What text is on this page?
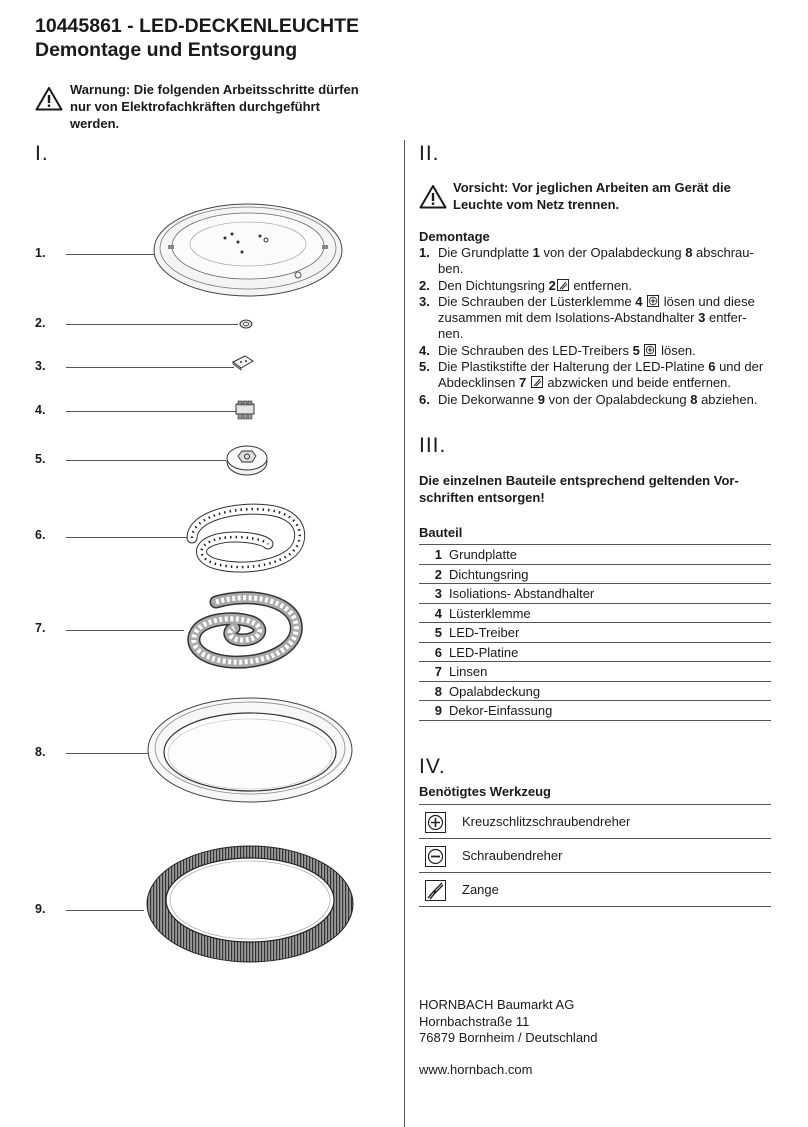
10445861 - LED-DECKENLEUCHTE
Demontage und Entsorgung
Warnung: Die folgenden Arbeitsschritte dürfen
nur von Elektrofachkräften durchgeführt
werden.
I.
1.
2.
3.
4.
5.
6.
7.
8.
9.
II.
Vorsicht: Vor jeglichen Arbeiten am Gerät die
Leuchte vom Netz trennen.
Demontage
1. Die Grundplatte 1 von der Opalabdeckung 8 abschrau-
ben.
2. Den Dichtungsring 2
entfernen.
3. Die Schrauben der Lüsterklemme 4
lösen und diese
zusammen mit dem Isolations-Abstandhalter 3 entfer-
nen.
4. Die Schrauben des LED-Treibers 5
lösen.
5. Die Plastikstifte der Halterung der LED-Platine 6 und der
Abdecklinsen 7
abzwicken und beide entfernen.
6. Die Dekorwanne 9 von der Opalabdeckung 8 abziehen.
III.
Die einzelnen Bauteile entsprechend geltenden Vor-
schriften entsorgen!
Bauteil
1 Grundplatte
2 Dichtungsring
3 Isoliations- Abstandhalter
4 Lüsterklemme
5 LED-Treiber
6 LED-Platine
7 Linsen
8 Opalabdeckung
9 Dekor-Einfassung
IV.
Benötigtes Werkzeug
Kreuzschlitzschraubendreher
Schraubendreher
Zange
HORNBACH Baumarkt AG
Hornbachstraße 11
76879 Bornheim / Deutschland
www.hornbach.com
